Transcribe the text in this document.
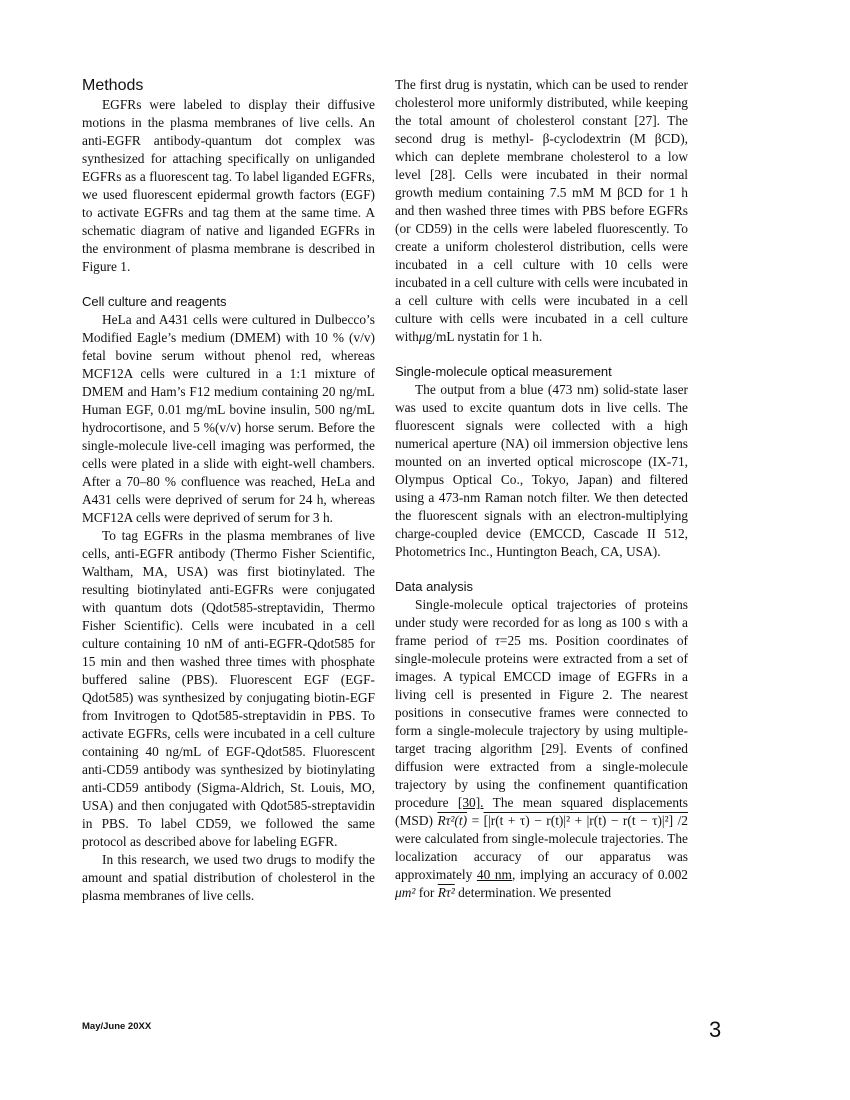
Methods

EGFRs were labeled to display their diffusive motions in the plasma membranes of live cells. An anti-EGFR antibody-quantum dot complex was synthesized for attaching specifically on unliganded EGFRs as a fluorescent tag. To label liganded EGFRs, we used fluorescent epidermal growth factors (EGF) to activate EGFRs and tag them at the same time. A schematic diagram of native and liganded EGFRs in the environment of plasma membrane is described in Figure 1.

Cell culture and reagents

HeLa and A431 cells were cultured in Dulbecco’s Modified Eagle’s medium (DMEM) with 10 % (v/v) fetal bovine serum without phenol red, whereas MCF12A cells were cultured in a 1:1 mixture of DMEM and Ham’s F12 medium containing 20 ng/mL Human EGF, 0.01 mg/mL bovine insulin, 500 ng/mL hydrocortisone, and 5 %(v/v) horse serum. Before the single-molecule live-cell imaging was performed, the cells were plated in a slide with eight-well chambers. After a 70–80 % confluence was reached, HeLa and A431 cells were deprived of serum for 24 h, whereas MCF12A cells were deprived of serum for 3 h.

To tag EGFRs in the plasma membranes of live cells, anti-EGFR antibody (Thermo Fisher Scientific, Waltham, MA, USA) was first biotinylated. The resulting biotinylated anti-EGFRs were conjugated with quantum dots (Qdot585-streptavidin, Thermo Fisher Scientific). Cells were incubated in a cell culture containing 10 nM of anti-EGFR-Qdot585 for 15 min and then washed three times with phosphate buffered saline (PBS). Fluorescent EGF (EGF-Qdot585) was synthesized by conjugating biotin-EGF from Invitrogen to Qdot585-streptavidin in PBS. To activate EGFRs, cells were incubated in a cell culture containing 40 ng/mL of EGF-Qdot585. Fluorescent anti-CD59 antibody was synthesized by biotinylating anti-CD59 antibody (Sigma-Aldrich, St. Louis, MO, USA) and then conjugated with Qdot585-streptavidin in PBS. To label CD59, we followed the same protocol as described above for labeling EGFR.

In this research, we used two drugs to modify the amount and spatial distribution of cholesterol in the plasma membranes of live cells.

The first drug is nystatin, which can be used to render cholesterol more uniformly distributed, while keeping the total amount of cholesterol constant [27]. The second drug is methyl- β-cyclodextrin (M βCD), which can deplete membrane cholesterol to a low level [28]. Cells were incubated in their normal growth medium containing 7.5 mM M βCD for 1 h and then washed three times with PBS before EGFRs (or CD59) in the cells were labeled fluorescently. To create a uniform cholesterol distribution, cells were incubated in a cell culture with 10 cells were incubated in a cell culture with cells were incubated in a cell culture with cells were incubated in a cell culture with cells were incubated in a cell culture withμg/mL nystatin for 1 h.

Single-molecule optical measurement

The output from a blue (473 nm) solid-state laser was used to excite quantum dots in live cells. The fluorescent signals were collected with a high numerical aperture (NA) oil immersion objective lens mounted on an inverted optical microscope (IX-71, Olympus Optical Co., Tokyo, Japan) and filtered using a 473-nm Raman notch filter. We then detected the fluorescent signals with an electron-multiplying charge-coupled device (EMCCD, Cascade II 512, Photometrics Inc., Huntington Beach, CA, USA).

Data analysis

Single-molecule optical trajectories of proteins under study were recorded for as long as 100 s with a frame period of τ=25 ms. Position coordinates of single-molecule proteins were extracted from a set of images. A typical EMCCD image of EGFRs in a living cell is presented in Figure 2. The nearest positions in consecutive frames were connected to form a single-molecule trajectory by using multiple-target tracing algorithm [29]. Events of confined diffusion were extracted from a single-molecule trajectory by using the confinement quantification procedure [30]. The mean squared displacements (MSD) Rτ²(t) = [|r(t + τ) − r(t)|² + |r(t) − r(t − τ)|²] /2 were calculated from single-molecule trajectories. The localization accuracy of our apparatus was approximately 40 nm, implying an accuracy of 0.002 μm² for Rτ² determination. We presented

May/June 20XX	3
